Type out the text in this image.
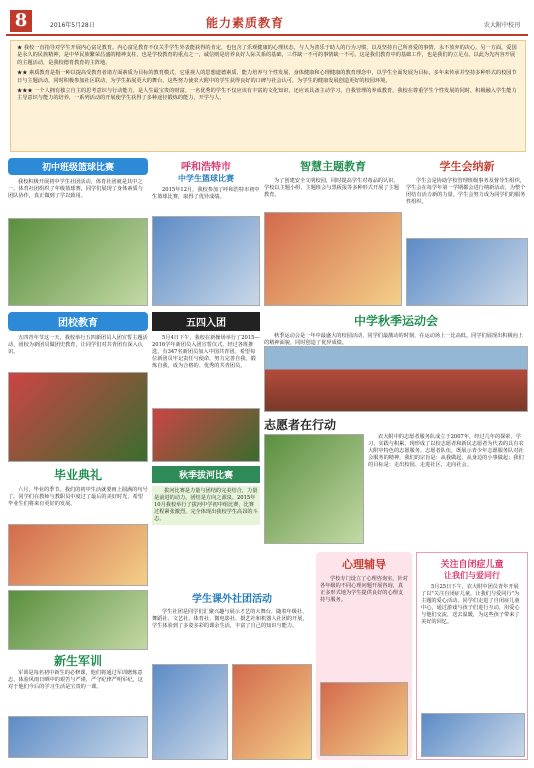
8	2016年5月28日	能力素质教育	农大附中校刊

★ 我校一直指导对学生开展内心富足教育。内心富足教育不仅关乎学生外表能获得的肯定，也包含了乐观健康的心理状态，与人为善乐于助人的行为习惯，以及坚持自己所喜爱的事情，永不放弃的决心。另一方面，爱国是永久的民族精神，是中华民族繁荣昌盛的精神支柱，也是学校教育的重点之一，诚信则是培养良好人际关系的基础，三件缺一不可的事情缺一不可。这是我们教育中的基础工作，也是我们的立足点。以此为先内容开展的主题活动，是我校德育教育的主阵地。

★★ 素质教育是指一种以提高受教育者诸方面素质为目标的教育模式，它重视人的思想道德素质、能力培养与个性发展、身体健康和心理健康的教育理念中，以学生全面发展为目标，多年来传承并坚持多种形式的校园节日与主题活动，同时积极参加社区联动，为学生拓展更大的舞台，这些努力使农大附中的学生获得良好的口碑与社会认可，为学生的健康发展创造更好的校园环境。

★★★ 一个人拥有独立自主的思考意识与行动能力，是人生最宝贵的财富。一名优秀的学生不仅应该有丰富的文化知识，还应该具备主动学习、自我管理的养成教育，我校在尊重学生个性发展的同时，积极融入学生能力主导意识与能力的培养，一系列活动的开展使学生获得了多种途径锻炼的能力，开学与人。

初中班级篮球比赛
我校积极开展初中学生社团活动，体育社团就是其中之一。体育社团组织了年级篮球赛，同学们展现了身体素质与团队协作，真正做到了学以致用。
呼和浩特市
中学生篮球比赛
2015年12月，我校参加了呼和浩特市初中生篮球比赛，取得了优异成绩。
智慧主题教育
为了创建安全文明校园，同时提高学生对毒品的认识，学校以主题小组、主题班会与黑板报等多种形式开展了主题教育。
学生会纳新
学生会是协助学校管理班级事务及督导生组织，学生会在每学年第一学期都会进行纳新活动，为整个团结有活力新的力量。学生会努力成为同学们的服务性组织。
团校教育
五四青年节这一天，我校举行五四新团员入团宣誓主题活动，团校为新团员做团史教育，让同学们对共青团有深入认识。
五四入团
5月4日下午，我校在新操场举行了2015—2016学年新团员入团宣誓仪式。经过各班推选，有347名新团员加入中国共青团。希望每位新团员牢记责任与使命，努力完善自我，锻炼自我，成为合格的、优秀的共青团员。
中学秋季运动会
秋季运动会是一年中最盛大的校园活动，同学们最激动的时刻，在运动场上一比高低。同学们展现出积极向上的精神面貌，同时创造了优异成绩。
志愿者在行动
农大附中的志愿者服务队成立于2007年，经过几年的探索、学习、实践与积累，现形成了以校志愿者和新民志愿者为代表的具有农大附中特色的志愿服务。志愿者队伍，既展示青少年志愿服务队对社会服务的精神，我们的宗旨是：从我做起，从身边的小事做起；我们的目标是：走出校园、走进社区、走向社会。
毕业典礼
六月，毕业的季节。我们的初中生活就要画上圆满的句号了。同学们在教师与教职员中度过了最后的美好时光，希望毕业生们将来有更好的发展。
秋季拔河比赛
拔河比赛是力量与团结的完美结合，力量是前进的动力，团结是方向之源泉。2015年10月我校举行了拔河中学初中组比赛，比赛过程紧张激烈，完全体现出我校学生高昂的斗志。
新生军训
军训是每名初中新生的必修课，他们将通过军训磨炼意志，体验风雨日晒中的艰苦与严谨，严守纪律严明军纪，这对于他们今后的学习生活是宝贵的一课。
学生课外社团活动
学生社团是同学们汇聚兴趣与展示才艺的大舞台，随着年级社、舞蹈社、文艺社、体育社、微电影社、摄艺社和机器人社团的开展，学生体验到了多姿多彩的课余生活，丰富了自己的知识与能力。
心理辅导
学校专门设立了心理咨询室，针对各年级的不同心理问题开展咨询，真正多形式地为学生提供良好的心理支持与服务。
关注自闭症儿童
让我们与爱同行
5月25日下午，农大附中团员青年开展了以"关注自闭症儿童，让我们与爱同行"为主题的爱心活动。同学们走进了自闭症儿童中心，通过游戏与孩子们进行互动，用爱心与他们交流，送去温暖，为这些孩子带来了美好的回忆。
